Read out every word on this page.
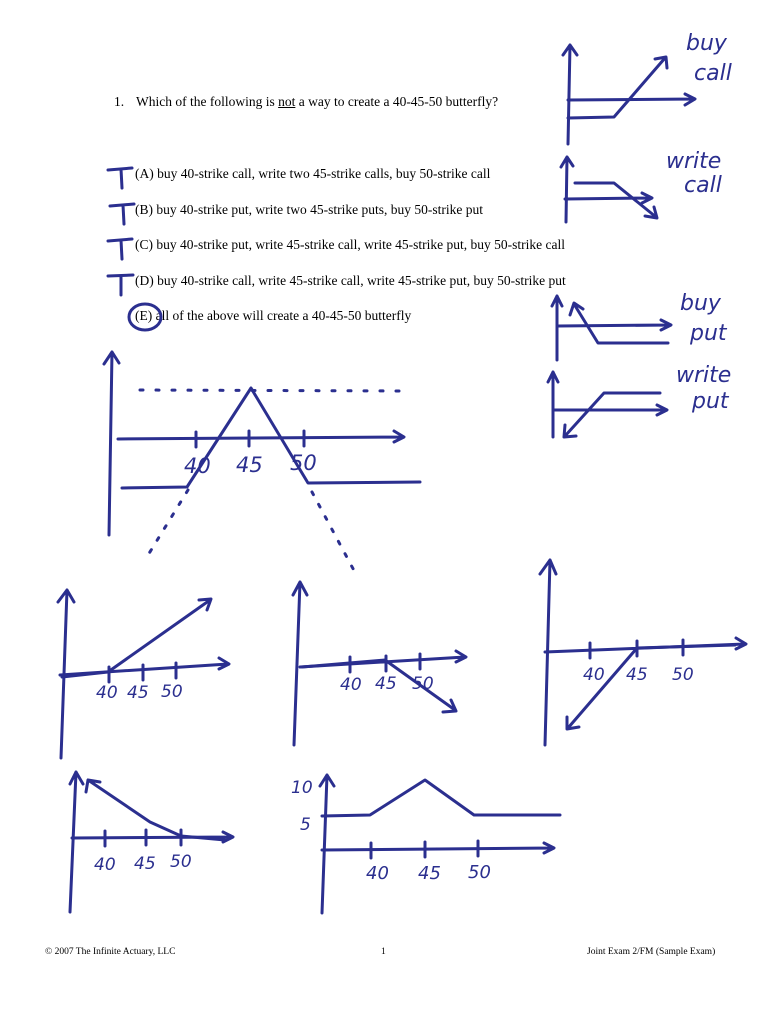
1. Which of the following is not a way to create a 40-45-50 butterfly?
(A) buy 40-strike call, write two 45-strike calls, buy 50-strike call
(B) buy 40-strike put, write two 45-strike puts, buy 50-strike put
(C) buy 40-strike put, write 45-strike call, write 45-strike put, buy 50-strike call
(D) buy 40-strike call, write 45-strike call, write 45-strike put, buy 50-strike put
(E) all of the above will create a 40-45-50 butterfly
© 2007 The Infinite Actuary, LLC	1	Joint Exam 2/FM (Sample Exam)
buy
call
write
call
buy
put
write
put
40 45 50
40 45 50	40 45 50	40 45 50
40 45 50
10
5
40 45 50
